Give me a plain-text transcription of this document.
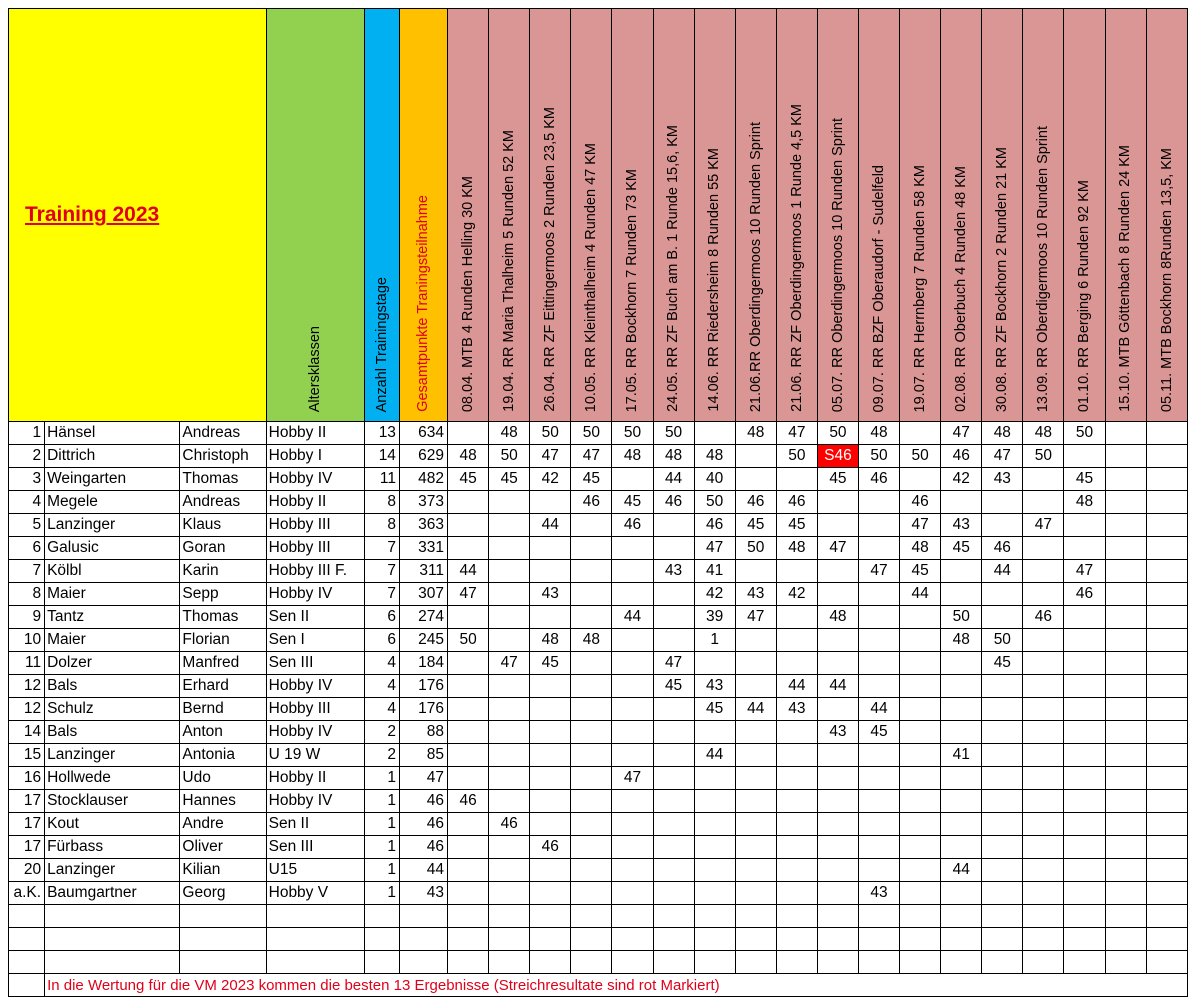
Training 2023			Altersklassen	Anzahl Trainingstage	Gesamtpunkte Traningsteilnahme	08.04. MTB 4 Runden Helling 30 KM	19.04. RR Maria Thalheim 5 Runden 52 KM	26.04. RR ZF Eittingermoos 2 Runden 23,5 KM	10.05. RR Kleinthalheim 4 Runden 47 KM	17.05. RR Bockhorn 7 Runden 73 KM	24.05. RR ZF Buch am B. 1 Runde 15,6, KM	14.06. RR Riedersheim 8 Runden 55 KM	21.06.RR Oberdingermoos 10 Runden Sprint	21.06. RR ZF Oberdingermoos 1 Runde 4,5 KM	05.07. RR Oberdingermoos 10 Runden Sprint	09.07. RR BZF Oberaudorf - Sudelfeld	19.07. RR Herrnberg 7 Runden 58 KM	02.08. RR Oberbuch 4 Runden 48 KM	30.08. RR ZF Bockhorn 2 Runden 21 KM	13.09. RR Oberdigermoos 10 Runden Sprint	01.10. RR Berging 6 Runden 92 KM	15.10. MTB Göttenbach 8 Runden 24 KM	05.11. MTB Bockhorn 8Runden 13,5, KM
1	Hänsel	Andreas	Hobby II	13	634		48	50	50	50	50		48	47	50	48		47	48	48	50		
2	Dittrich	Christoph	Hobby I	14	629	48	50	47	47	48	48	48		50	S46	50	50	46	47	50			
3	Weingarten	Thomas	Hobby IV	11	482	45	45	42	45		44	40			45	46		42	43		45		
4	Megele	Andreas	Hobby II	8	373				46	45	46	50	46	46			46				48		
5	Lanzinger	Klaus	Hobby III	8	363			44		46		46	45	45			47	43		47			
6	Galusic	Goran	Hobby III	7	331							47	50	48	47		48	45	46				
7	Kölbl	Karin	Hobby III F.	7	311	44					43	41				47	45		44		47		
8	Maier	Sepp	Hobby IV	7	307	47		43				42	43	42			44				46		
9	Tantz	Thomas	Sen II	6	274					44		39	47		48			50		46			
10	Maier	Florian	Sen I	6	245	50		48	48			1						48	50				
11	Dolzer	Manfred	Sen III	4	184		47	45			47								45				
12	Bals	Erhard	Hobby IV	4	176						45	43		44	44								
12	Schulz	Bernd	Hobby III	4	176							45	44	43		44							
14	Bals	Anton	Hobby IV	2	88										43	45							
15	Lanzinger	Antonia	U 19 W	2	85							44						41					
16	Hollwede	Udo	Hobby II	1	47					47													
17	Stocklauser	Hannes	Hobby IV	1	46	46																	
17	Kout	Andre	Sen II	1	46		46																
17	Fürbass	Oliver	Sen III	1	46			46															
20	Lanzinger	Kilian	U15	1	44													44					
a.K.	Baumgartner	Georg	Hobby V	1	43											43							

	In die Wertung für die VM 2023 kommen die besten 13 Ergebnisse (Streichresultate sind rot Markiert)																						
